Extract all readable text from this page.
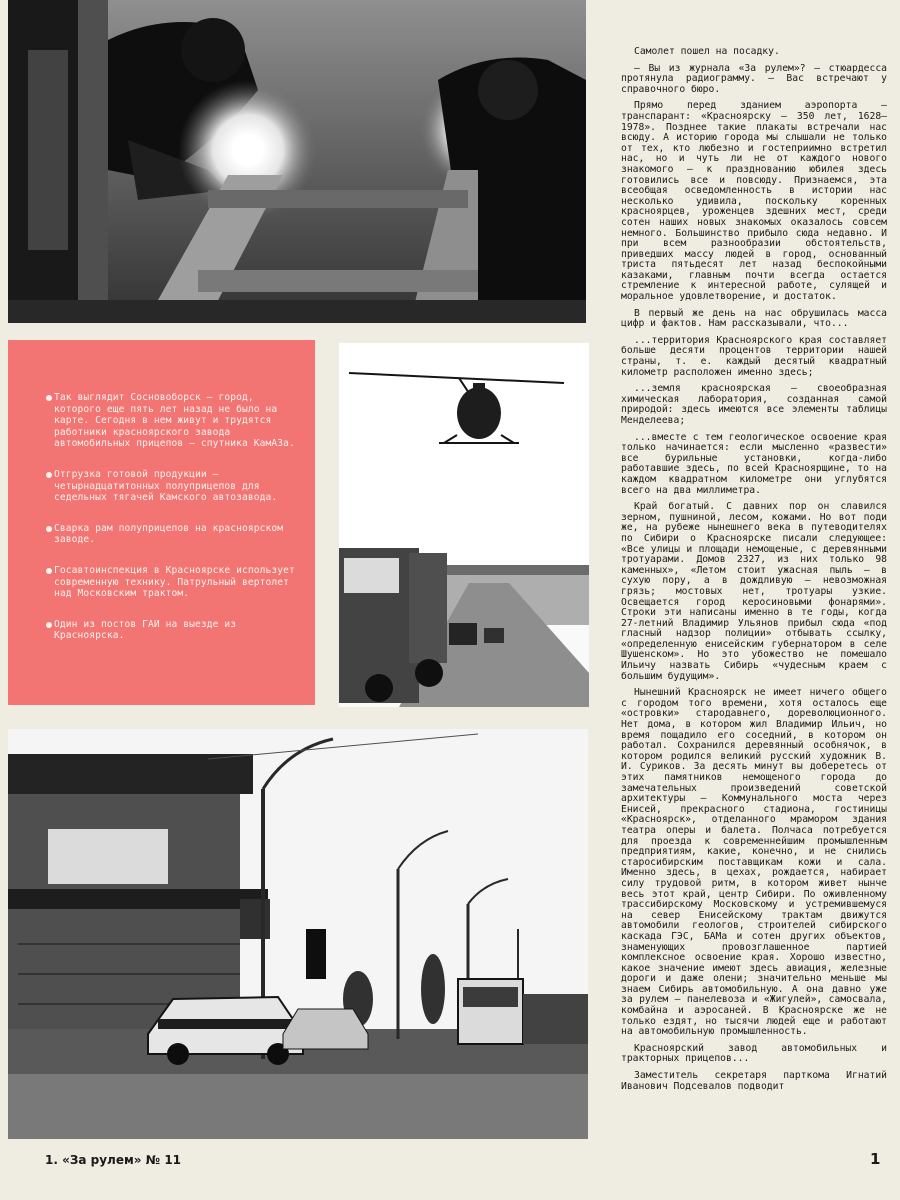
Так выглядит Сосновоборск — город, которого еще пять лет назад не было на карте. Сегодня в нем живут и трудятся работники красноярского завода автомобильных прицепов — спутника КамАЗа.
Отгрузка готовой продукции — четырнадцатитонных полуприцепов для седельных тягачей Камского автозавода.
Сварка рам полуприцепов на красноярском заводе.
Госавтоинспекция в Красноярске использует современную технику. Патрульный вертолет над Московским трактом.
Один из постов ГАИ на выезде из Красноярска.

Самолет пошел на посадку.

— Вы из журнала «За рулем»? — стюардесса протянула радиограмму. — Вас встречают у справочного бюро.

Прямо перед зданием аэропорта — транспарант: «Красноярску — 350 лет, 1628—1978». Позднее такие плакаты встречали нас всюду. А историю города мы слышали не только от тех, кто любезно и гостеприимно встретил нас, но и чуть ли не от каждого нового знакомого — к празднованию юбилея здесь готовились все и повсюду. Признаемся, эта всеобщая осведомленность в истории нас несколько удивила, поскольку коренных красноярцев, уроженцев здешних мест, среди сотен наших новых знакомых оказалось совсем немного. Большинство прибыло сюда недавно. И при всем разнообразии обстоятельств, приведших массу людей в город, основанный триста пятьдесят лет назад беспокойными казаками, главным почти всегда остается стремление к интересной работе, сулящей и моральное удовлетворение, и достаток.

В первый же день на нас обрушилась масса цифр и фактов. Нам рассказывали, что...

...территория Красноярского края составляет больше десяти процентов территории нашей страны, т. е. каждый десятый квадратный километр расположен именно здесь;

...земля красноярская — своеобразная химическая лаборатория, созданная самой природой: здесь имеются все элементы таблицы Менделеева;

...вместе с тем геологическое освоение края только начинается: если мысленно «развести» все бурильные установки, когда-либо работавшие здесь, по всей Красноярщине, то на каждом квадратном километре они углубятся всего на два миллиметра.

Край богатый. С давних пор он славился зерном, пушниной, лесом, кожами. Но вот поди же, на рубеже нынешнего века в путеводителях по Сибири о Красноярске писали следующее: «Все улицы и площади немощеные, с деревянными тротуарами. Домов 2327, из них только 98 каменных», «Летом стоит ужасная пыль — в сухую пору, а в дождливую — невозможная грязь; мостовых нет, тротуары узкие. Освещается город керосиновыми фонарями». Строки эти написаны именно в те годы, когда 27-летний Владимир Ульянов прибыл сюда «под гласный надзор полиции» отбывать ссылку, «определенную енисейским губернатором в селе Шушенском». Но это убожество не помешало Ильичу назвать Сибирь «чудесным краем с большим будущим».

Нынешний Красноярск не имеет ничего общего с городом того времени, хотя осталось еще «островки» стародавнего, дореволюционного. Нет дома, в котором жил Владимир Ильич, но время пощадило его соседний, в котором он работал. Сохранился деревянный особнячок, в котором родился великий русский художник В. И. Суриков. За десять минут вы доберетесь от этих памятников немощеного города до замечательных произведений советской архитектуры — Коммунального моста через Енисей, прекрасного стадиона, гостиницы «Красноярск», отделанного мрамором здания театра оперы и балета. Полчаса потребуется для проезда к современнейшим промышленным предприятиям, какие, конечно, и не снились старосибирским поставщикам кожи и сала. Именно здесь, в цехах, рождается, набирает силу трудовой ритм, в котором живет нынче весь этот край, центр Сибири. По оживленному трассибирскому Московскому и устремившемуся на север Енисейскому трактам движутся автомобили геологов, строителей сибирского каскада ГЭС, БАМа и сотен других объектов, знаменующих провозглашенное партией комплексное освоение края. Хорошо известно, какое значение имеют здесь авиация, железные дороги и даже олени; значительно меньше мы знаем Сибирь автомобильную. А она давно уже за рулем — панелевоза и «Жигулей», самосвала, комбайна и аэросаней. В Красноярске же не только ездят, но тысячи людей еще и работают на автомобильную промышленность.

Красноярский завод автомобильных и тракторных прицепов...

Заместитель секретаря парткома Игнатий Иванович Подсевалов подводит

1. «За рулем» № 11	1
